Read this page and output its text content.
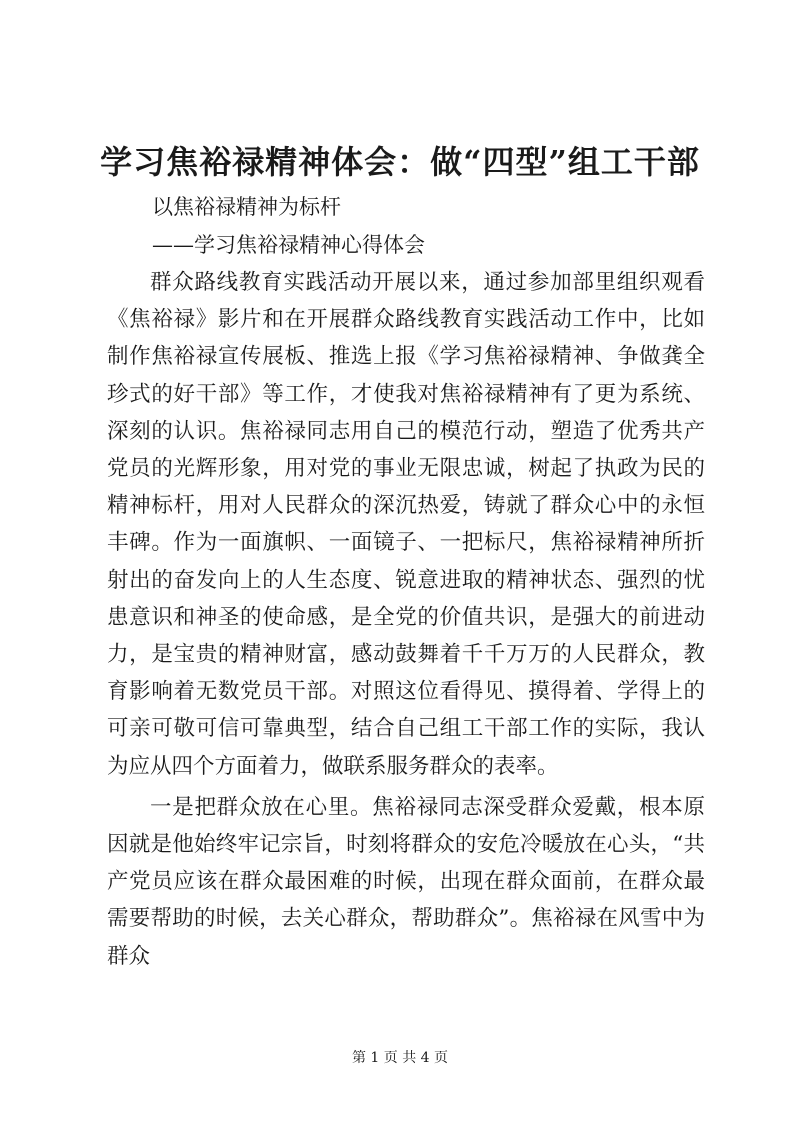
学习焦裕禄精神体会：做“四型”组工干部

以焦裕禄精神为标杆

——学习焦裕禄精神心得体会

群众路线教育实践活动开展以来，通过参加部里组织观看《焦裕禄》影片和在开展群众路线教育实践活动工作中，比如制作焦裕禄宣传展板、推选上报《学习焦裕禄精神、争做龚全珍式的好干部》等工作，才使我对焦裕禄精神有了更为系统、深刻的认识。焦裕禄同志用自己的模范行动，塑造了优秀共产党员的光辉形象，用对党的事业无限忠诚，树起了执政为民的精神标杆，用对人民群众的深沉热爱，铸就了群众心中的永恒丰碑。作为一面旗帜、一面镜子、一把标尺，焦裕禄精神所折射出的奋发向上的人生态度、锐意进取的精神状态、强烈的忧患意识和神圣的使命感，是全党的价值共识，是强大的前进动力，是宝贵的精神财富，感动鼓舞着千千万万的人民群众，教育影响着无数党员干部。对照这位看得见、摸得着、学得上的可亲可敬可信可靠典型，结合自己组工干部工作的实际，我认为应从四个方面着力，做联系服务群众的表率。

一是把群众放在心里。焦裕禄同志深受群众爱戴，根本原因就是他始终牢记宗旨，时刻将群众的安危冷暖放在心头，“共产党员应该在群众最困难的时候，出现在群众面前，在群众最需要帮助的时候，去关心群众，帮助群众”。焦裕禄在风雪中为群众

第 1 页 共 4 页
